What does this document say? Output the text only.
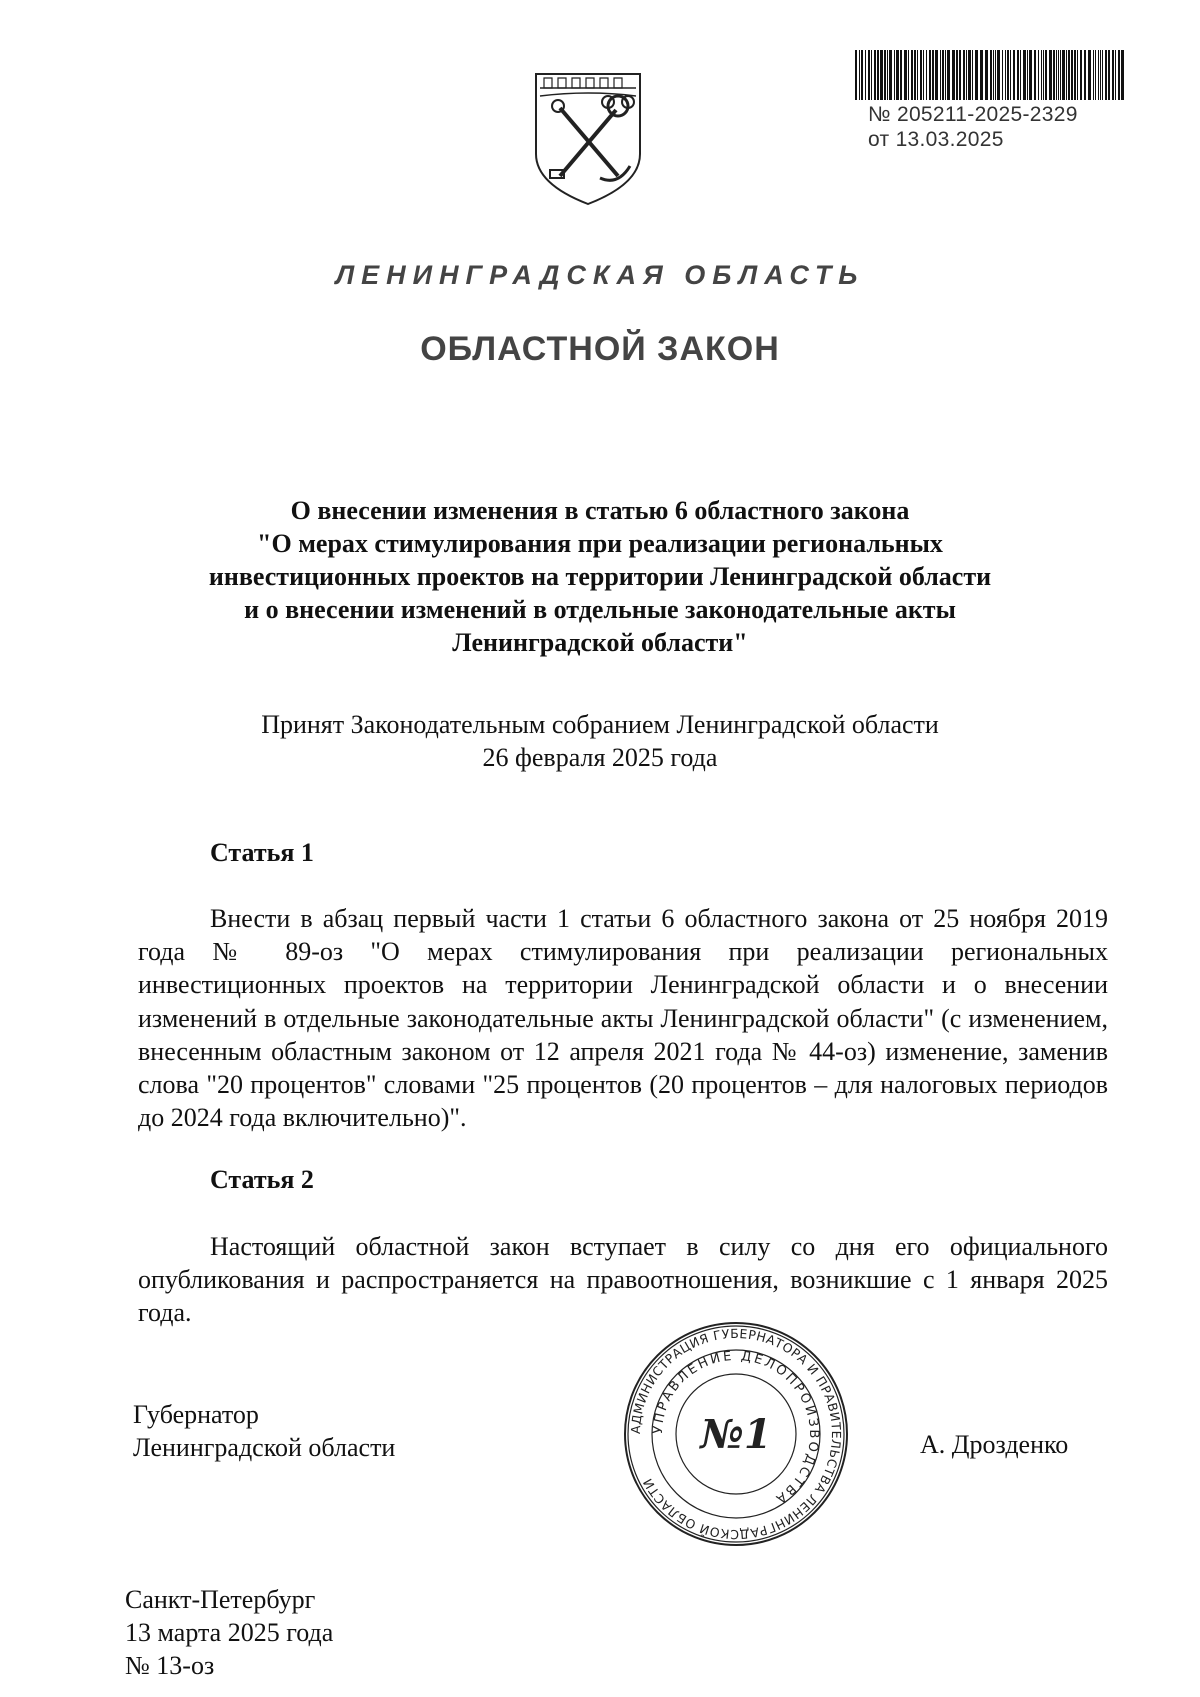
№ 205211-2025-2329
от 13.03.2025
ЛЕНИНГРАДСКАЯ ОБЛАСТЬ
ОБЛАСТНОЙ ЗАКОН
О внесении изменения в статью 6 областного закона
"О мерах стимулирования при реализации региональных
инвестиционных проектов на территории Ленинградской области
и о внесении изменений в отдельные законодательные акты
Ленинградской области"
Принят Законодательным собранием Ленинградской области
26 февраля 2025 года
Статья 1
Внести в абзац первый части 1 статьи 6 областного закона от 25 ноября 2019 года № 89-оз "О мерах стимулирования при реализации региональных инвестиционных проектов на территории Ленинградской области и о внесении изменений в отдельные законодательные акты Ленинградской области" (с изменением, внесенным областным законом от 12 апреля 2021 года № 44-оз) изменение, заменив слова "20 процентов" словами "25 процентов (20 процентов – для налоговых периодов до 2024 года включительно)".
Статья 2
Настоящий областной закон вступает в силу со дня его официального опубликования и распространяется на правоотношения, возникшие с 1 января 2025 года.
Губернатор
Ленинградской области	А. Дрозденко
АДМИНИСТРАЦИЯ ГУБЕРНАТОРА И ПРАВИТЕЛЬСТВА ЛЕНИНГРАДСКОЙ ОБЛАСТИ
УПРАВЛЕНИЕ ДЕЛОПРОИЗВОДСТВА
№1
Санкт-Петербург
13 марта 2025 года
№ 13-оз
